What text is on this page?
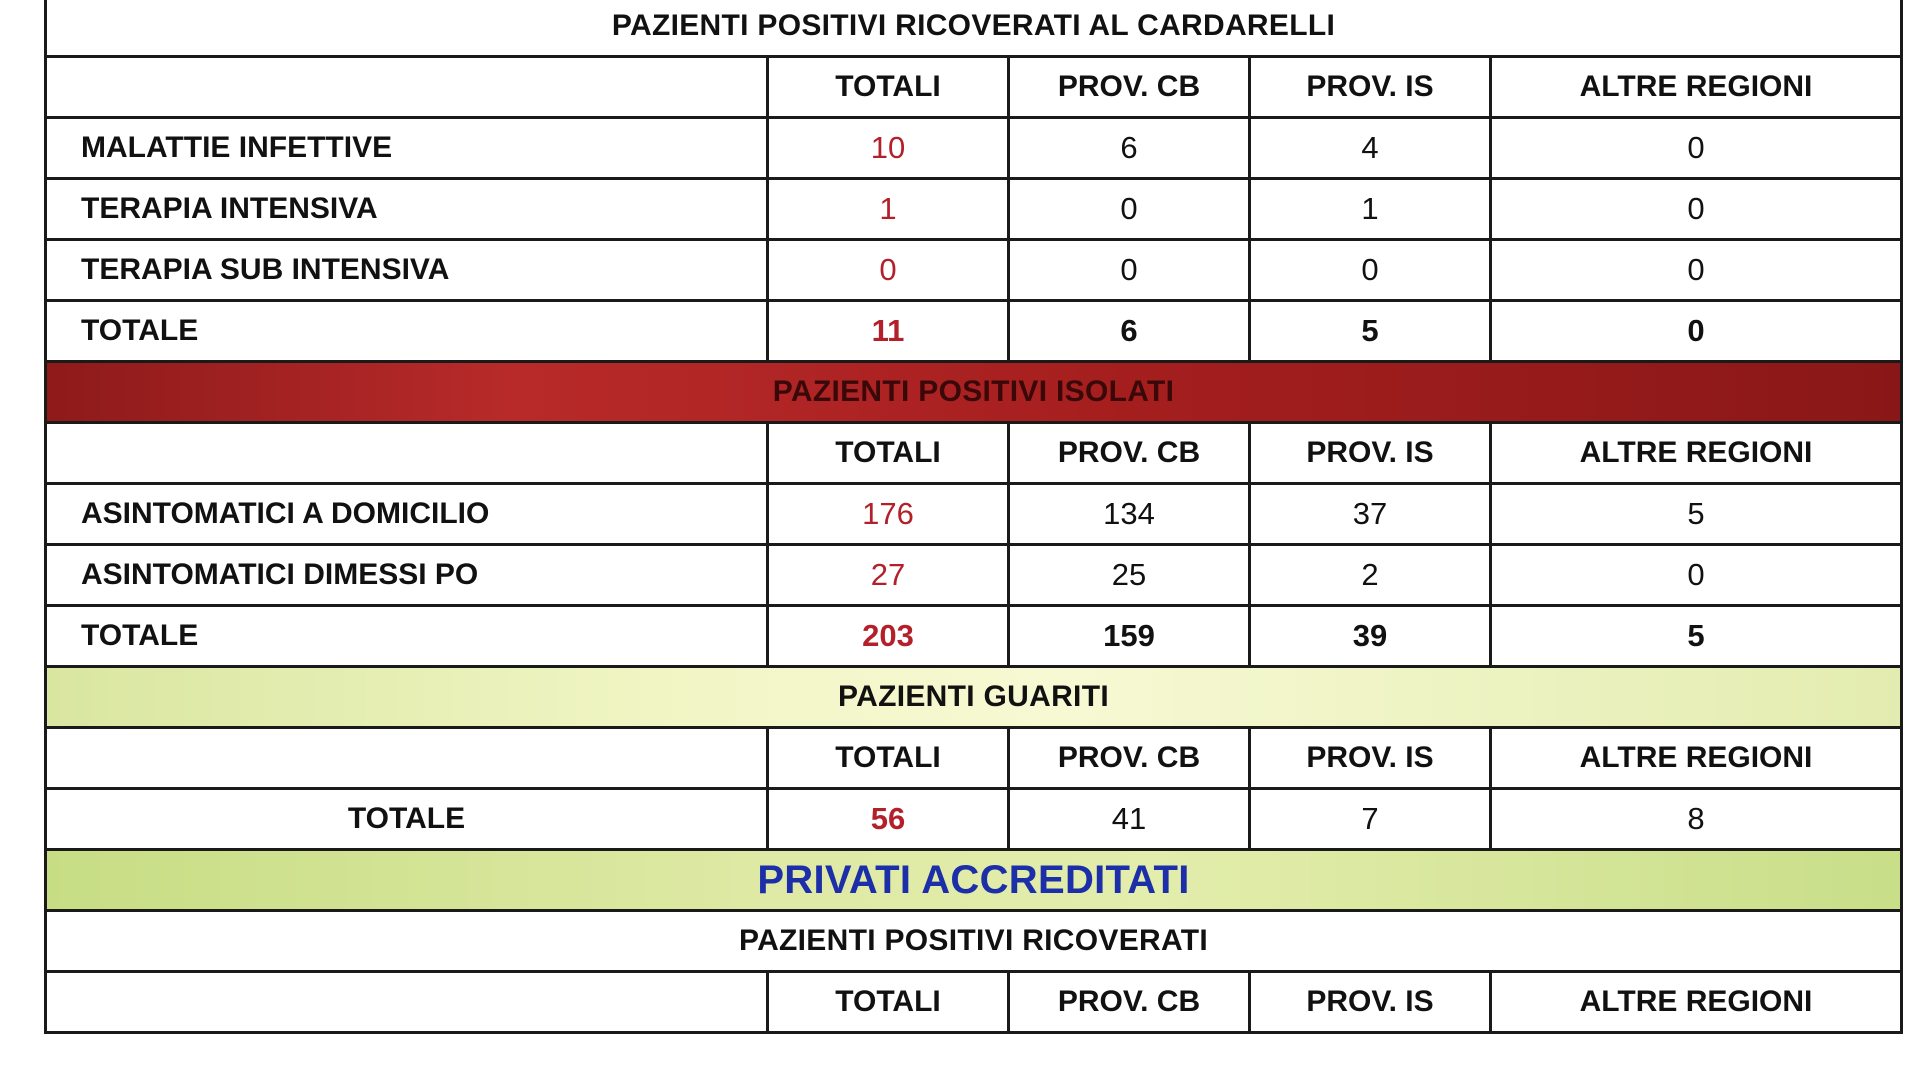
PAZIENTI POSITIVI RICOVERATI AL CARDARELLI				
	TOTALI	PROV. CB	PROV. IS	ALTRE REGIONI
MALATTIE INFETTIVE	10	6	4	0
TERAPIA INTENSIVA	1	0	1	0
TERAPIA SUB INTENSIVA	0	0	0	0
TOTALE	11	6	5	0
PAZIENTI POSITIVI ISOLATI				
	TOTALI	PROV. CB	PROV. IS	ALTRE REGIONI
ASINTOMATICI A DOMICILIO	176	134	37	5
ASINTOMATICI DIMESSI PO	27	25	2	0
TOTALE	203	159	39	5
PAZIENTI GUARITI				
	TOTALI	PROV. CB	PROV. IS	ALTRE REGIONI
TOTALE	56	41	7	8
PRIVATI ACCREDITATI				
PAZIENTI POSITIVI RICOVERATI				
	TOTALI	PROV. CB	PROV. IS	ALTRE REGIONI
